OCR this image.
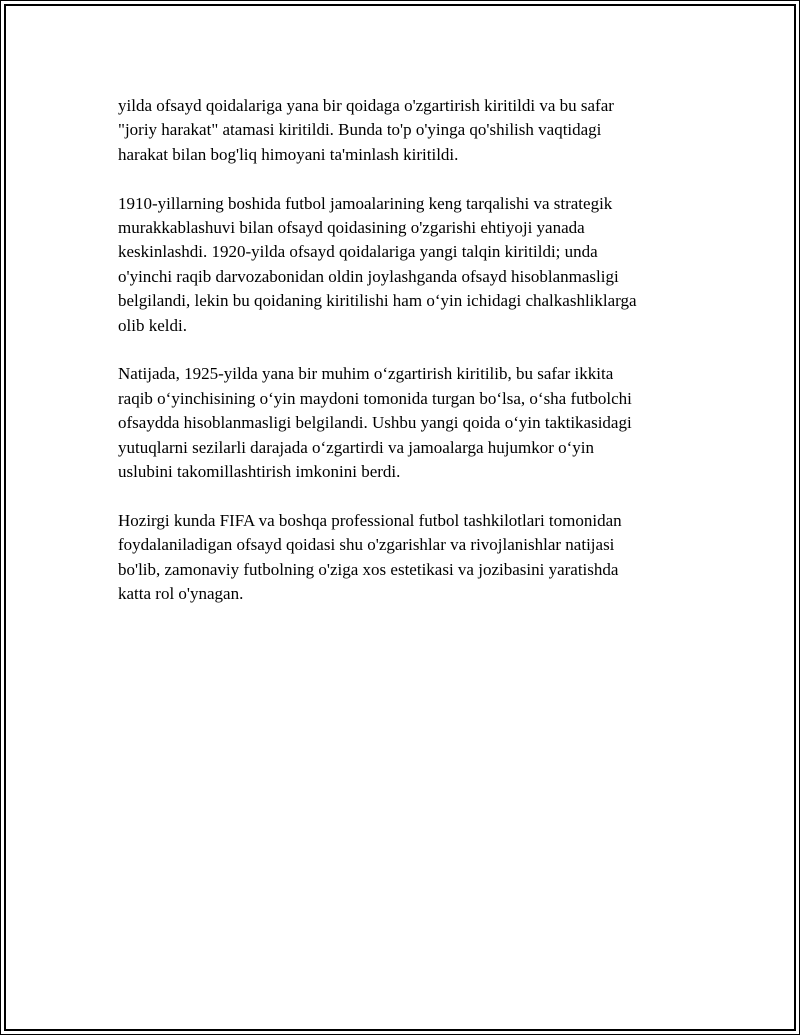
yilda ofsayd qoidalariga yana bir qoidaga o'zgartirish kiritildi va bu safar
"joriy harakat" atamasi kiritildi. Bunda to'p o'yinga qo'shilish vaqtidagi
harakat bilan bog'liq himoyani ta'minlash kiritildi.

1910-yillarning boshida futbol jamoalarining keng tarqalishi va strategik
murakkablashuvi bilan ofsayd qoidasining o'zgarishi ehtiyoji yanada
keskinlashdi. 1920-yilda ofsayd qoidalariga yangi talqin kiritildi; unda
o'yinchi raqib darvozabonidan oldin joylashganda ofsayd hisoblanmasligi
belgilandi, lekin bu qoidaning kiritilishi ham o‘yin ichidagi chalkashliklarga
olib keldi.

Natijada, 1925-yilda yana bir muhim o‘zgartirish kiritilib, bu safar ikkita
raqib o‘yinchisining o‘yin maydoni tomonida turgan bo‘lsa, o‘sha futbolchi
ofsaydda hisoblanmasligi belgilandi. Ushbu yangi qoida o‘yin taktikasidagi
yutuqlarni sezilarli darajada o‘zgartirdi va jamoalarga hujumkor o‘yin
uslubini takomillashtirish imkonini berdi.

Hozirgi kunda FIFA va boshqa professional futbol tashkilotlari tomonidan
foydalaniladigan ofsayd qoidasi shu o'zgarishlar va rivojlanishlar natijasi
bo'lib, zamonaviy futbolning o'ziga xos estetikasi va jozibasini yaratishda
katta rol o'ynagan.
